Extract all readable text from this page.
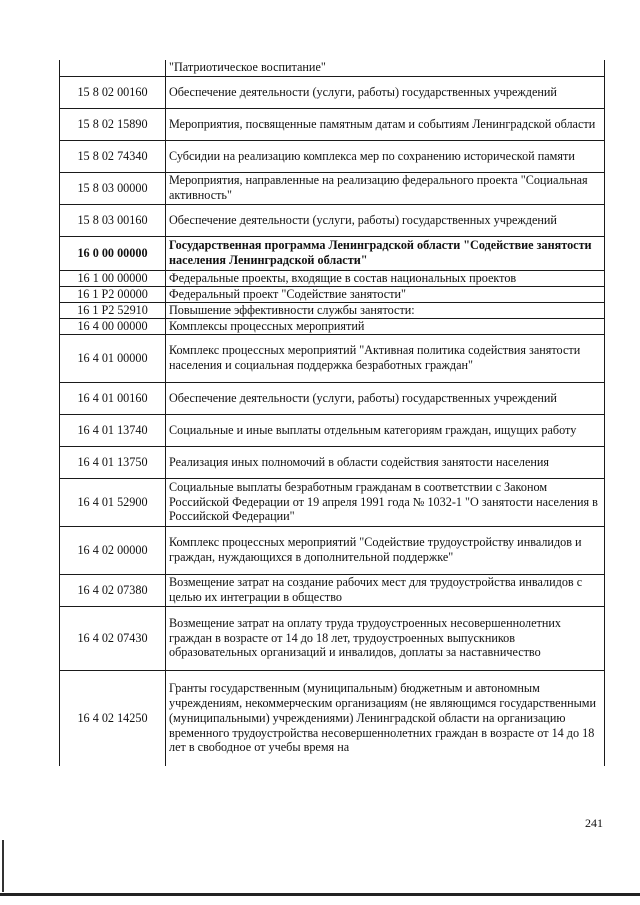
	"Патриотическое воспитание"
15 8 02 00160	Обеспечение деятельности (услуги, работы) государственных учреждений
15 8 02 15890	Мероприятия, посвященные памятным датам и событиям Ленинградской области
15 8 02 74340	Субсидии на реализацию комплекса мер по сохранению исторической памяти
15 8 03 00000	Мероприятия, направленные на реализацию федерального проекта "Социальная активность"
15 8 03 00160	Обеспечение деятельности (услуги, работы) государственных учреждений
16 0 00 00000	Государственная программа Ленинградской области "Содействие занятости населения Ленинградской области"
16 1 00 00000	Федеральные проекты, входящие в состав национальных проектов
16 1 P2 00000	Федеральный проект "Содействие занятости"
16 1 P2 52910	Повышение эффективности службы занятости:
16 4 00 00000	Комплексы процессных мероприятий
16 4 01 00000	Комплекс процессных мероприятий "Активная политика содействия занятости населения и социальная поддержка безработных граждан"
16 4 01 00160	Обеспечение деятельности (услуги, работы) государственных учреждений
16 4 01 13740	Социальные и иные выплаты отдельным категориям граждан, ищущих работу
16 4 01 13750	Реализация иных полномочий в области содействия занятости населения
16 4 01 52900	Социальные выплаты безработным гражданам в соответствии с Законом Российской Федерации от 19 апреля 1991 года № 1032-1 "О занятости населения в Российской Федерации"
16 4 02 00000	Комплекс процессных мероприятий "Содействие трудоустройству инвалидов и граждан, нуждающихся в дополнительной поддержке"
16 4 02 07380	Возмещение затрат на создание рабочих мест для трудоустройства инвалидов с целью их интеграции в общество
16 4 02 07430	Возмещение затрат на оплату труда трудоустроенных несовершеннолетних граждан в возрасте от 14 до 18 лет, трудоустроенных выпускников образовательных организаций и инвалидов, доплаты за наставничество
16 4 02 14250	Гранты государственным (муниципальным) бюджетным и автономным учреждениям, некоммерческим организациям (не являющимся государственными (муниципальными) учреждениями) Ленинградской области на организацию временного трудоустройства несовершеннолетних граждан в возрасте от 14 до 18 лет в свободное от учебы время на
241
